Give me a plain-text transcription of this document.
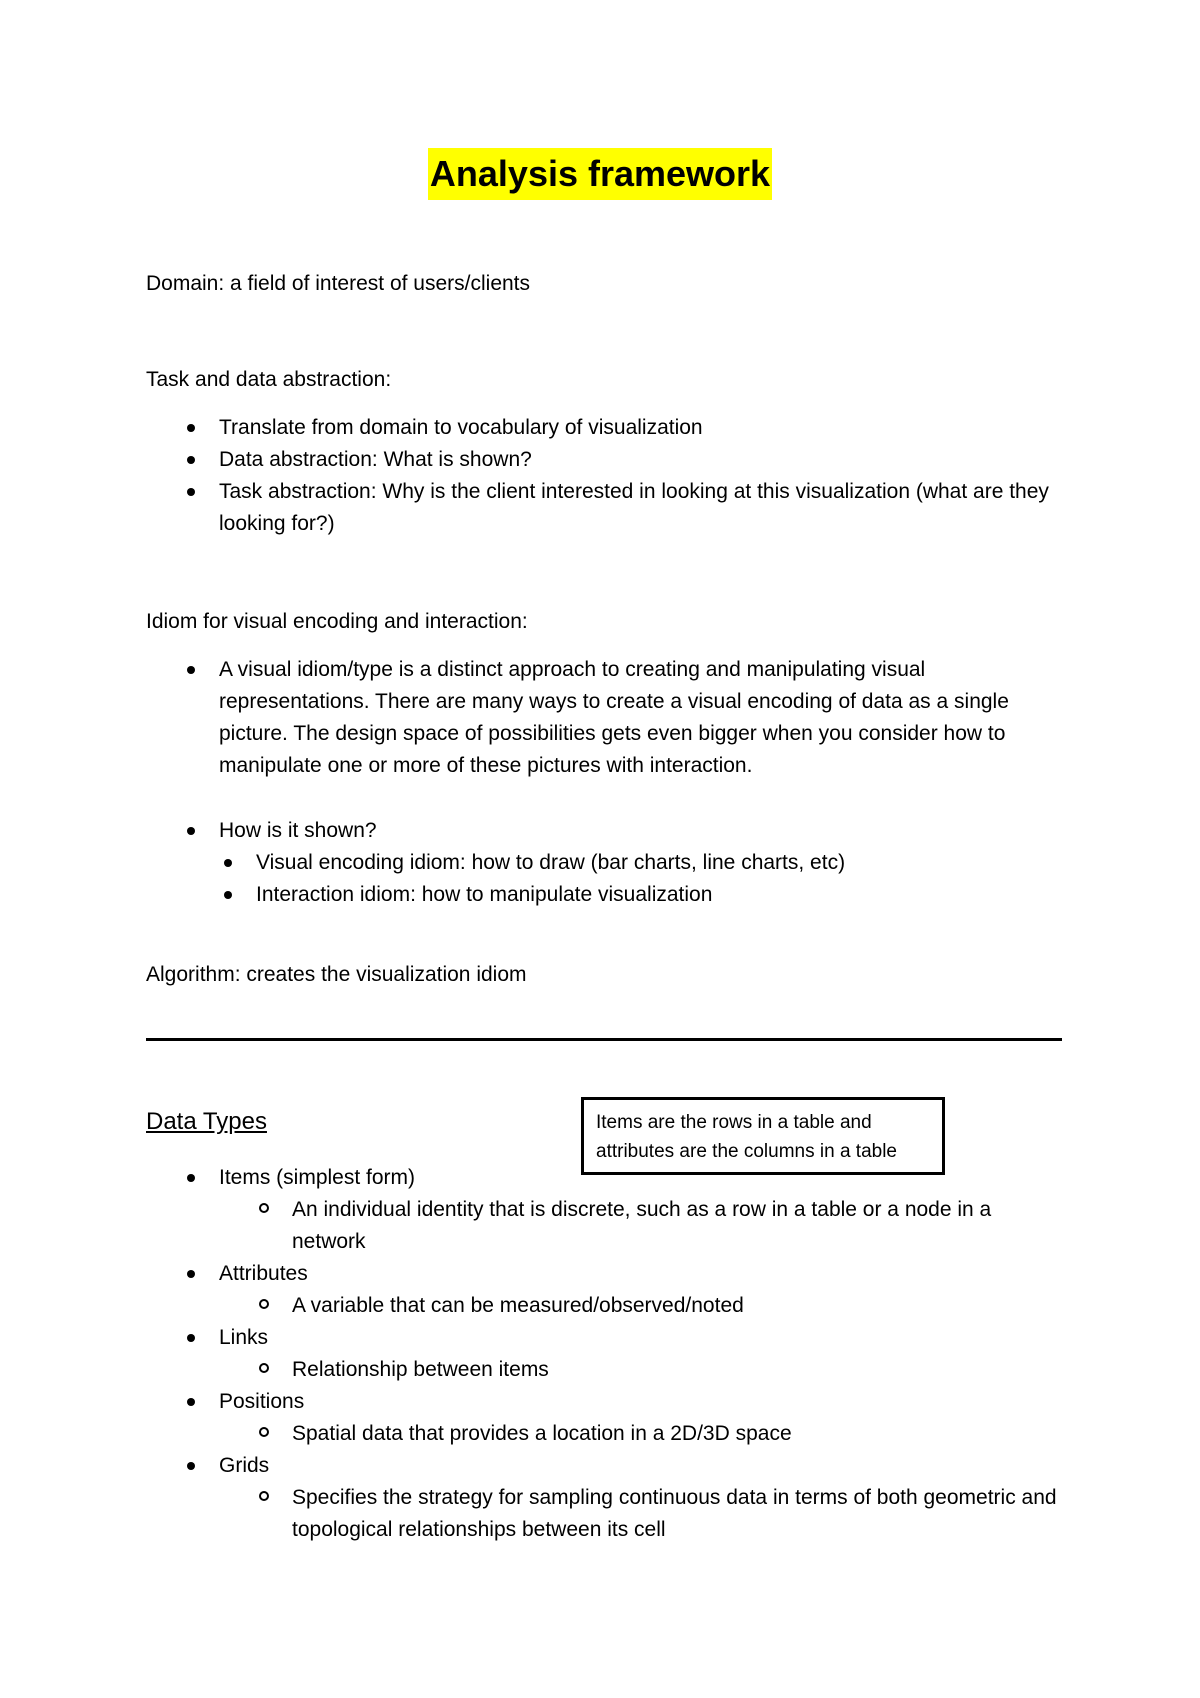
Analysis framework
Domain: a field of interest of users/clients
Task and data abstraction:
Translate from domain to vocabulary of visualization
Data abstraction: What is shown?
Task abstraction: Why is the client interested in looking at this visualization (what are they looking for?)
Idiom for visual encoding and interaction:
A visual idiom/type is a distinct approach to creating and manipulating visual representations. There are many ways to create a visual encoding of data as a single picture. The design space of possibilities gets even bigger when you consider how to manipulate one or more of these pictures with interaction.
How is it shown?
Visual encoding idiom: how to draw (bar charts, line charts, etc)
Interaction idiom: how to manipulate visualization
Algorithm: creates the visualization idiom
Data Types	Items are the rows in a table and attributes are the columns in a table
Items (simplest form)
An individual identity that is discrete, such as a row in a table or a node in a network
Attributes
A variable that can be measured/observed/noted
Links
Relationship between items
Positions
Spatial data that provides a location in a 2D/3D space
Grids
Specifies the strategy for sampling continuous data in terms of both geometric and topological relationships between its cell
